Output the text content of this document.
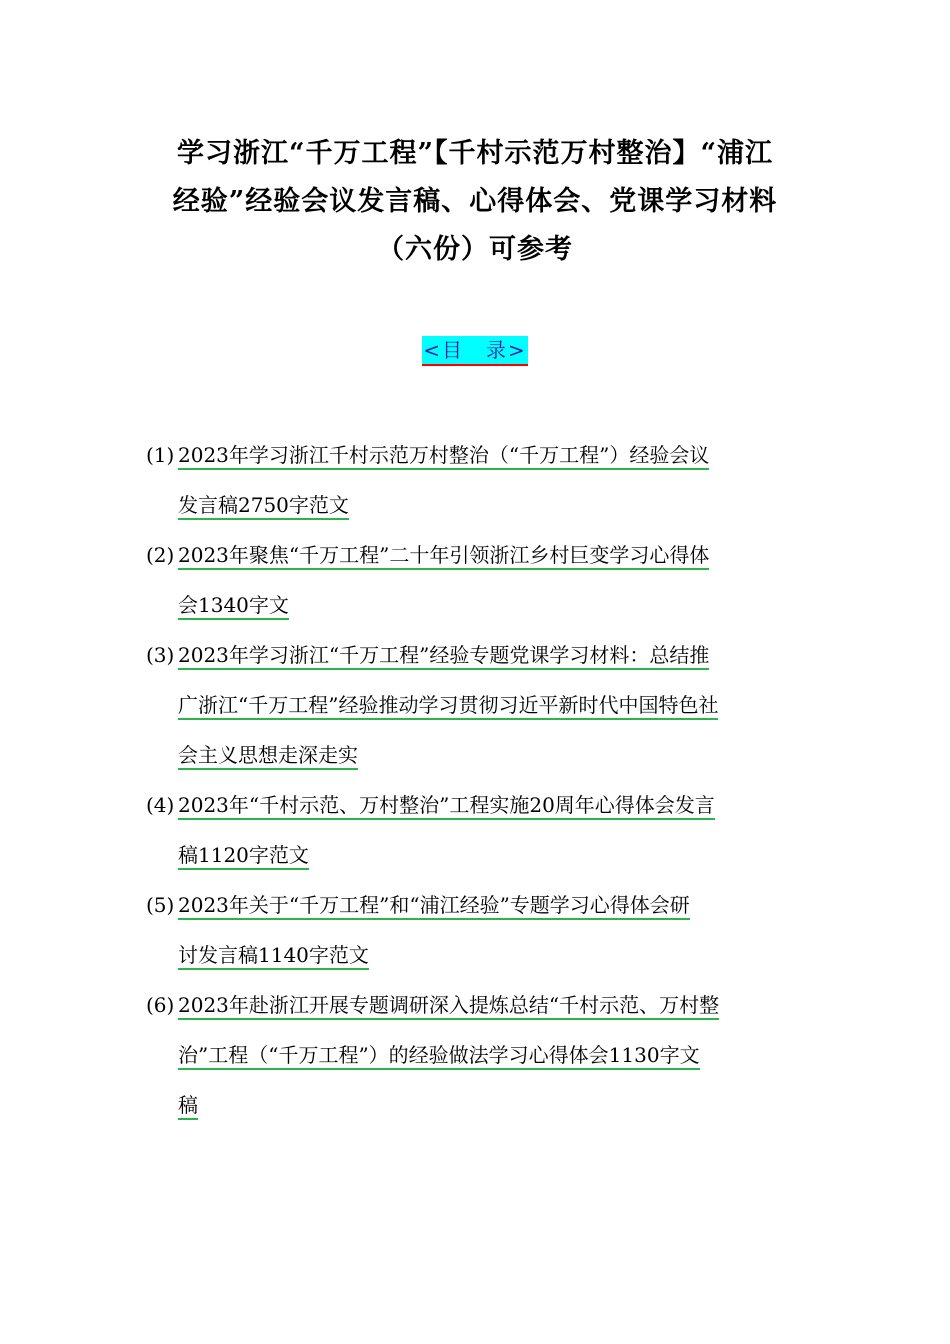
学习浙江“千万工程”【千村示范万村整治】“浦江
经验”经验会议发言稿、心得体会、党课学习材料
（六份）可参考
<目　录>
(1) 2023年学习浙江千村示范万村整治（“千万工程”）经验会议
发言稿2750字范文
(2) 2023年聚焦“千万工程”二十年引领浙江乡村巨变学习心得体
会1340字文
(3) 2023年学习浙江“千万工程”经验专题党课学习材料：总结推
广浙江“千万工程”经验推动学习贯彻习近平新时代中国特色社
会主义思想走深走实
(4) 2023年“千村示范、万村整治”工程实施20周年心得体会发言
稿1120字范文
(5) 2023年关于“千万工程”和“浦江经验”专题学习心得体会研
讨发言稿1140字范文
(6) 2023年赴浙江开展专题调研深入提炼总结“千村示范、万村整
治”工程（“千万工程”）的经验做法学习心得体会1130字文
稿
